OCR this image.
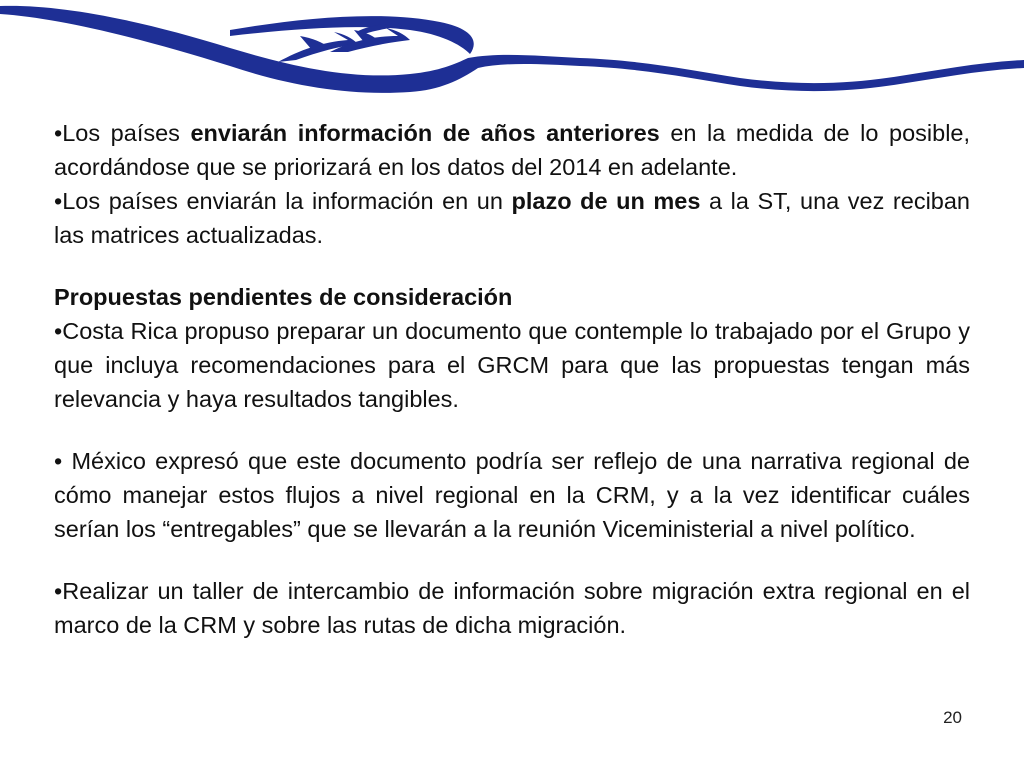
•Los países enviarán información de años anteriores en la medida de lo posible, acordándose que se priorizará en los datos del 2014 en adelante.

•Los países enviarán la información en un plazo de un mes a la ST, una vez reciban las matrices actualizadas.

Propuestas pendientes de consideración

•Costa Rica propuso preparar un documento que contemple lo trabajado por el Grupo y que incluya recomendaciones para el GRCM para que las propuestas tengan más relevancia y haya resultados tangibles.

• México expresó que este documento podría ser reflejo de una narrativa regional de cómo manejar estos flujos a nivel regional en la CRM, y a la vez identificar cuáles serían los “entregables” que se llevarán a la reunión Viceministerial a nivel político.

•Realizar un taller de intercambio de información sobre migración extra regional en el marco de la CRM y sobre las rutas de dicha migración.

20
